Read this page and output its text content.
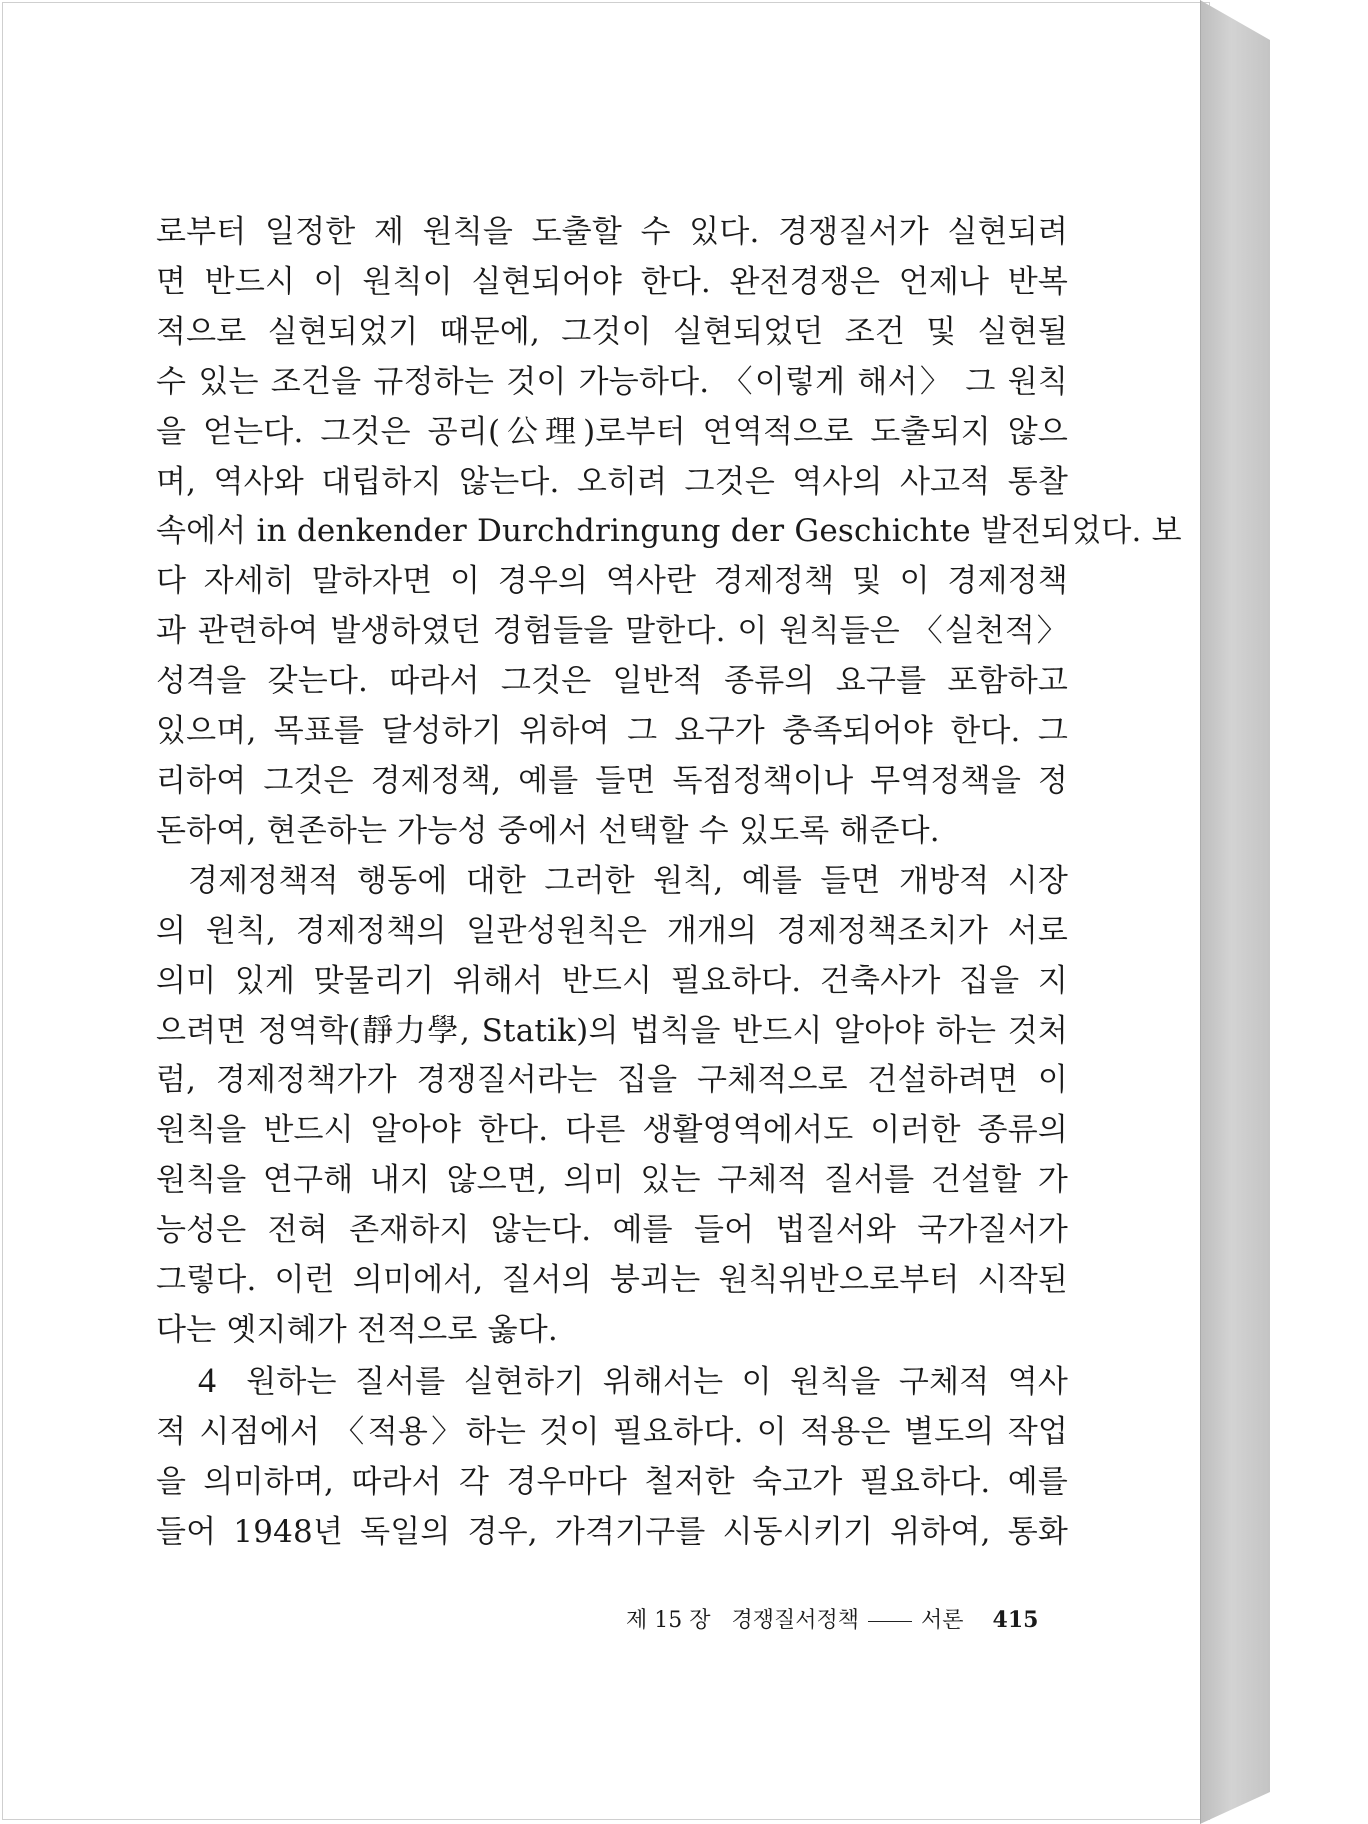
로부터 일정한 제 원칙을 도출할 수 있다. 경쟁질서가 실현되려
면 반드시 이 원칙이 실현되어야 한다. 완전경쟁은 언제나 반복
적으로 실현되었기 때문에, 그것이 실현되었던 조건 및 실현될
수 있는 조건을 규정하는 것이 가능하다. 〈이렇게 해서〉 그 원칙
을 얻는다. 그것은 공리(公理)로부터 연역적으로 도출되지 않으
며, 역사와 대립하지 않는다. 오히려 그것은 역사의 사고적 통찰
속에서 in denkender Durchdringung der Geschichte 발전되었다. 보
다 자세히 말하자면 이 경우의 역사란 경제정책 및 이 경제정책
과 관련하여 발생하였던 경험들을 말한다. 이 원칙들은 〈실천적〉
성격을 갖는다. 따라서 그것은 일반적 종류의 요구를 포함하고
있으며, 목표를 달성하기 위하여 그 요구가 충족되어야 한다. 그
리하여 그것은 경제정책, 예를 들면 독점정책이나 무역정책을 정
돈하여, 현존하는 가능성 중에서 선택할 수 있도록 해준다.
경제정책적 행동에 대한 그러한 원칙, 예를 들면 개방적 시장
의 원칙, 경제정책의 일관성원칙은 개개의 경제정책조치가 서로
의미 있게 맞물리기 위해서 반드시 필요하다. 건축사가 집을 지
으려면 정역학(靜力學, Statik)의 법칙을 반드시 알아야 하는 것처
럼, 경제정책가가 경쟁질서라는 집을 구체적으로 건설하려면 이
원칙을 반드시 알아야 한다. 다른 생활영역에서도 이러한 종류의
원칙을 연구해 내지 않으면, 의미 있는 구체적 질서를 건설할 가
능성은 전혀 존재하지 않는다. 예를 들어 법질서와 국가질서가
그렇다. 이런 의미에서, 질서의 붕괴는 원칙위반으로부터 시작된
다는 옛지혜가 전적으로 옳다.
4 원하는 질서를 실현하기 위해서는 이 원칙을 구체적 역사
적 시점에서 〈적용〉하는 것이 필요하다. 이 적용은 별도의 작업
을 의미하며, 따라서 각 경우마다 철저한 숙고가 필요하다. 예를
들어 1948년 독일의 경우, 가격기구를 시동시키기 위하여, 통화
제 15 장 경쟁질서정책	서론 415
